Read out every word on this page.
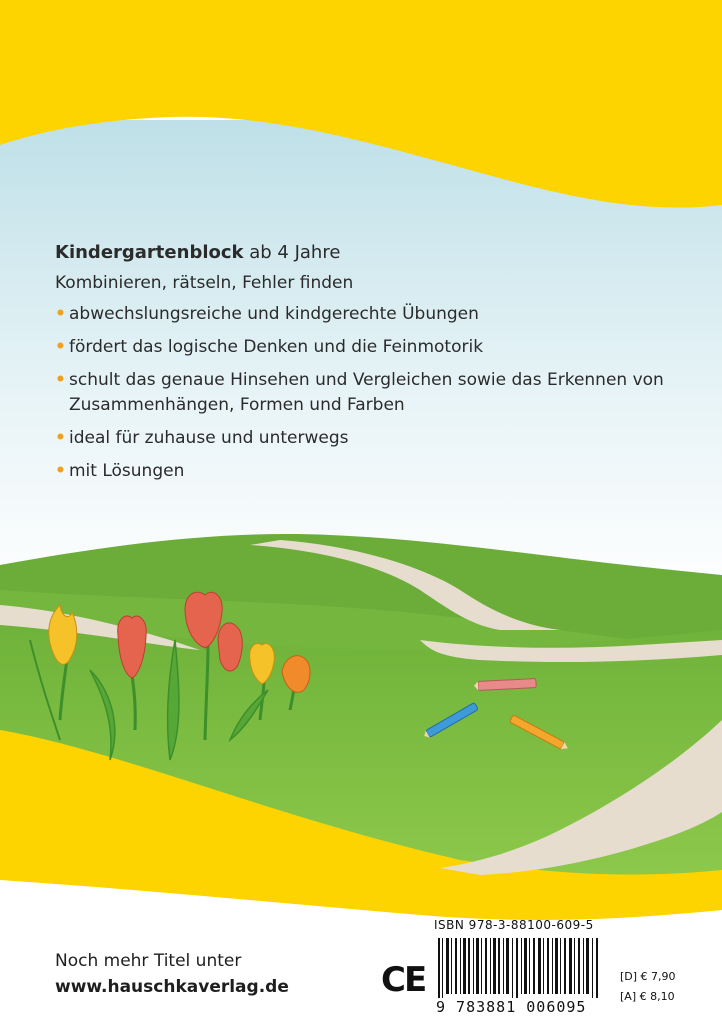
Kindergartenblock ab 4 Jahre

Kombinieren, rätseln, Fehler finden

• abwechslungsreiche und kindgerechte Übungen
• fördert das logische Denken und die Feinmotorik
• schult das genaue Hinsehen und Vergleichen sowie das Erkennen von Zusammenhängen, Formen und Farben
• ideal für zuhause und unterwegs
• mit Lösungen
Noch mehr Titel unter
www.hauschkaverlag.de	CE
ISBN 978-3-88100-609-5
9 783881 006095
[D] € 7,90
[A] € 8,10
